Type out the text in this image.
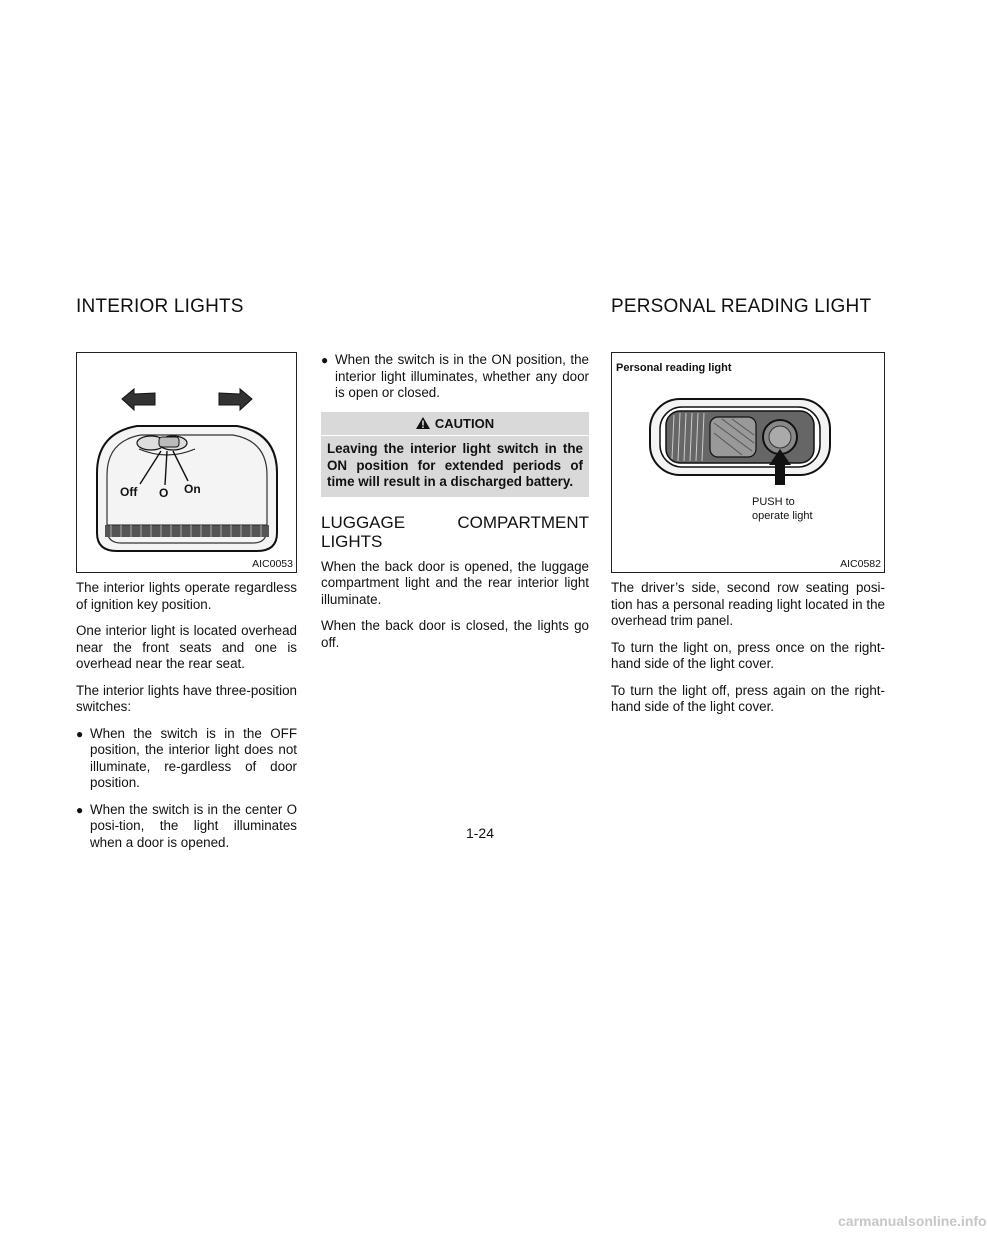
INTERIOR LIGHTS	PERSONAL READING LIGHT
Off O On
AIC0053
Personal reading light
PUSH to
operate light
AIC0582

The interior lights operate regardless of ignition key position.

One interior light is located overhead near the front seats and one is overhead near the rear seat.

The interior lights have three-position switches:

● When the switch is in the OFF position, the interior light does not illuminate, re-gardless of door position.
● When the switch is in the center O posi-tion, the light illuminates when a door is opened.
● When the switch is in the ON position, the interior light illuminates, whether any door is open or closed.
CAUTION
Leaving the interior light switch in the ON position for extended periods of time will result in a discharged battery.
LUGGAGE COMPARTMENT LIGHTS

When the back door is opened, the luggage compartment light and the rear interior light illuminate.

When the back door is closed, the lights go off.

The driver’s side, second row seating posi-tion has a personal reading light located in the overhead trim panel.

To turn the light on, press once on the right-hand side of the light cover.

To turn the light off, press again on the right-hand side of the light cover.

1-24
carmanualsonline.info
